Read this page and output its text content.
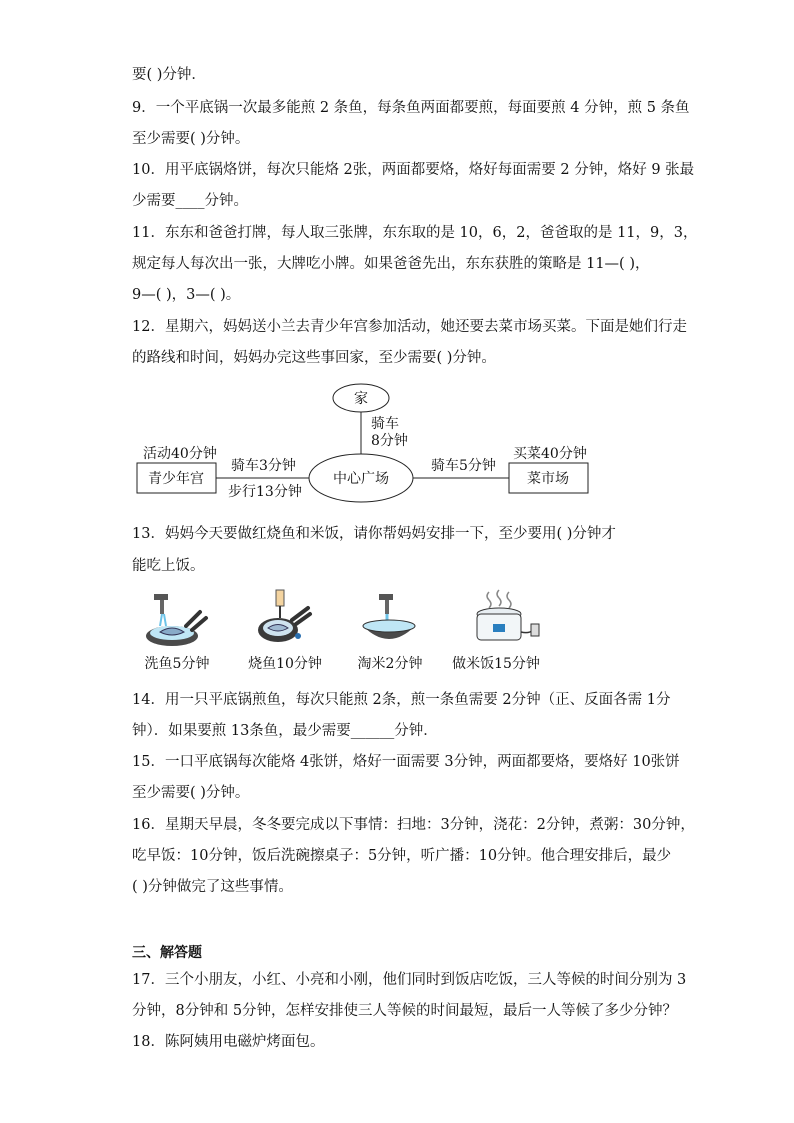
要( )分钟．
9．一个平底锅一次最多能煎 2 条鱼，每条鱼两面都要煎，每面要煎 4 分钟，煎 5 条鱼
至少需要( )分钟。
10．用平底锅烙饼，每次只能烙 2张，两面都要烙，烙好每面需要 2 分钟，烙好 9 张最
少需要____分钟。
11．东东和爸爸打牌，每人取三张牌，东东取的是 10，6，2，爸爸取的是 11，9，3，
规定每人每次出一张，大牌吃小牌。如果爸爸先出，东东获胜的策略是 11—( )，
9—( )，3—( )。
12．星期六，妈妈送小兰去青少年宫参加活动，她还要去菜市场买菜。下面是她们行走
的路线和时间，妈妈办完这些事回家，至少需要( )分钟。
家
骑车
8分钟
活动40分钟
青少年宫
骑车3分钟
步行13分钟
中心广场
骑车5分钟
买菜40分钟
菜市场
13．妈妈今天要做红烧鱼和米饭，请你帮妈妈安排一下，至少要用( )分钟才
能吃上饭。
洗鱼5分钟	烧鱼10分钟	淘米2分钟	做米饭15分钟
14．用一只平底锅煎鱼，每次只能煎 2条，煎一条鱼需要 2分钟（正、反面各需 1分
钟）．如果要煎 13条鱼，最少需要______分钟．
15．一口平底锅每次能烙 4张饼，烙好一面需要 3分钟，两面都要烙，要烙好 10张饼
至少需要( )分钟。
16．星期天早晨，冬冬要完成以下事情：扫地：3分钟，浇花：2分钟，煮粥：30分钟，
吃早饭：10分钟，饭后洗碗擦桌子：5分钟，听广播：10分钟。他合理安排后，最少
( )分钟做完了这些事情。
三、解答题
17．三个小朋友，小红、小亮和小刚，他们同时到饭店吃饭，三人等候的时间分别为 3
分钟，8分钟和 5分钟，怎样安排使三人等候的时间最短，最后一人等候了多少分钟？
18．陈阿姨用电磁炉烤面包。
